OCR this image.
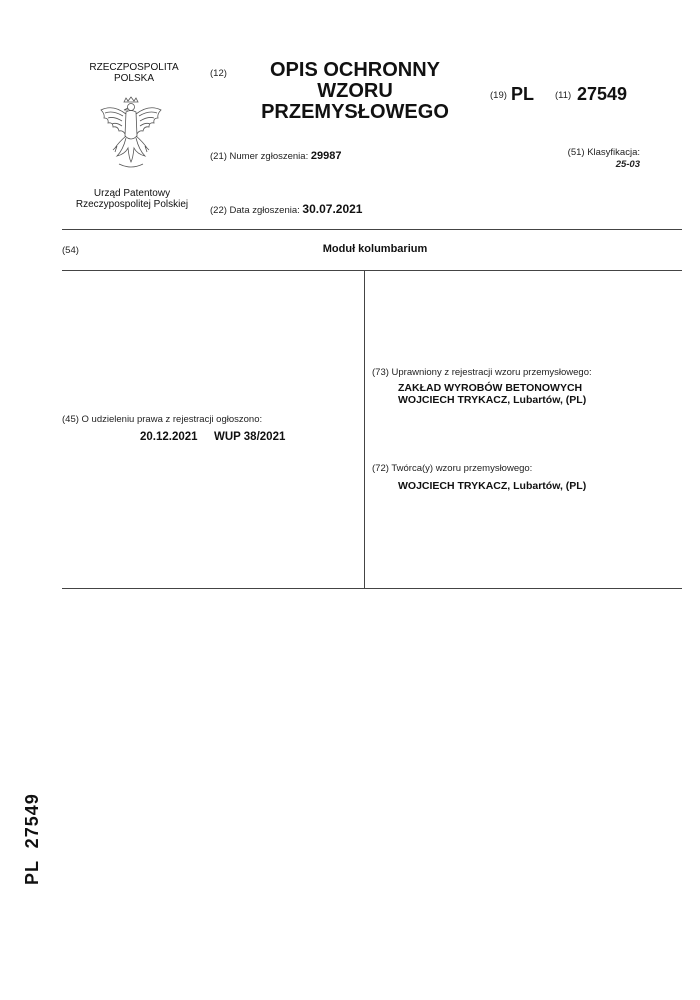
RZECZPOSPOLITA
POLSKA
Urząd Patentowy
Rzeczypospolitej Polskiej
(12)	OPIS OCHRONNY
WZORU
PRZEMYSŁOWEGO
(19) PL (11) 27549
(21) Numer zgłoszenia: 29987
(22) Data zgłoszenia: 30.07.2021
(51) Klasyfikacja:
25-03
(54)	Moduł kolumbarium
(45) O udzieleniu prawa z rejestracji ogłoszono:
20.12.2021 WUP 38/2021
(73) Uprawniony z rejestracji wzoru przemysłowego:
ZAKŁAD WYROBÓW BETONOWYCH
WOJCIECH TRYKACZ, Lubartów, (PL)
(72) Twórca(y) wzoru przemysłowego:
WOJCIECH TRYKACZ, Lubartów, (PL)
PL  27549
